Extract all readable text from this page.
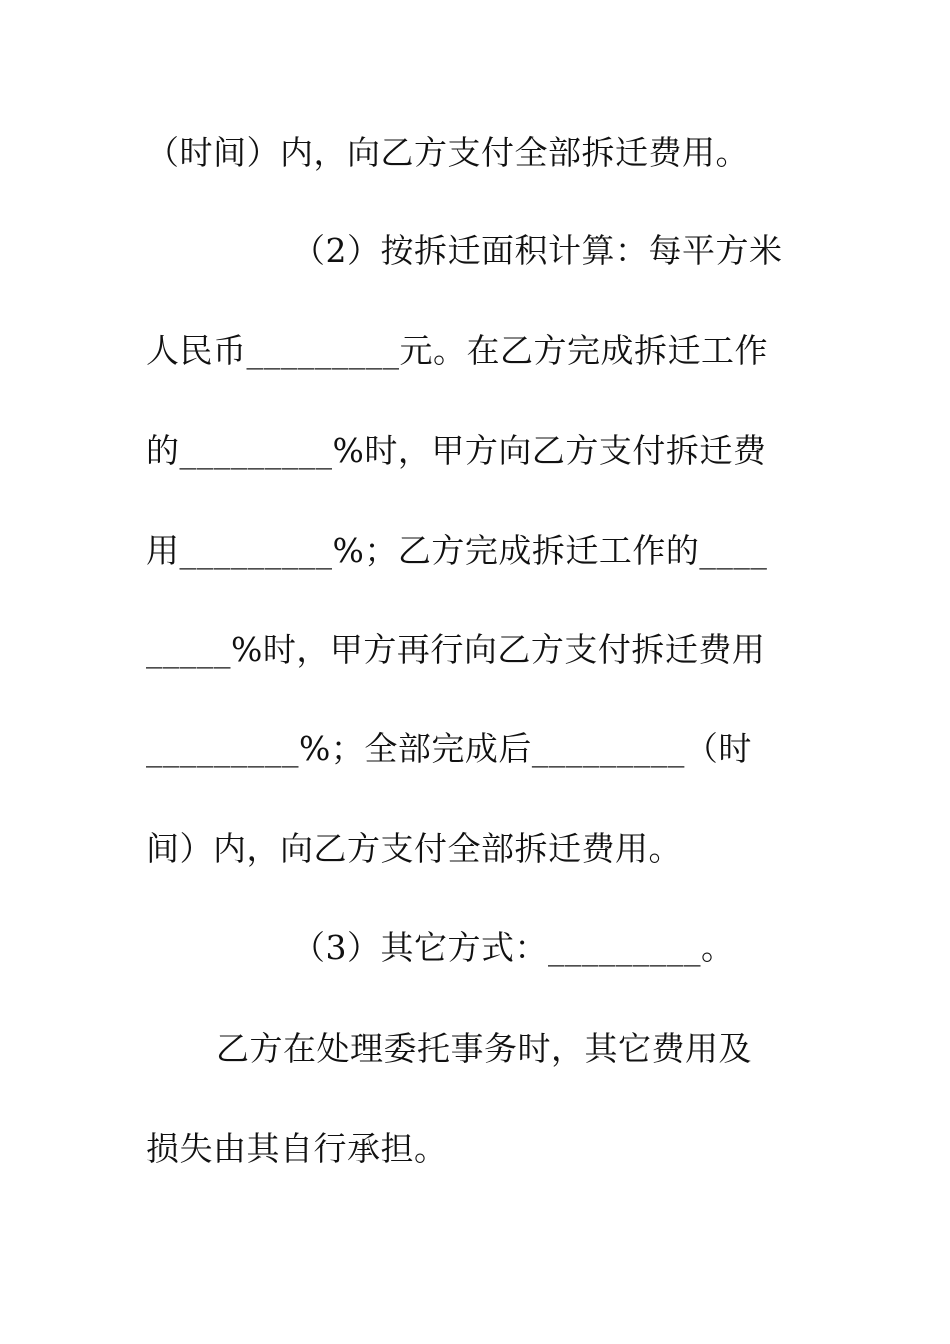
（时间）内，向乙方支付全部拆迁费用。
（2）按拆迁面积计算：每平方米
人民币_________元。在乙方完成拆迁工作
的_________%时，甲方向乙方支付拆迁费
用_________%；乙方完成拆迁工作的____
_____%时，甲方再行向乙方支付拆迁费用
_________%；全部完成后_________（时
间）内，向乙方支付全部拆迁费用。
（3）其它方式：_________。
乙方在处理委托事务时，其它费用及
损失由其自行承担。
